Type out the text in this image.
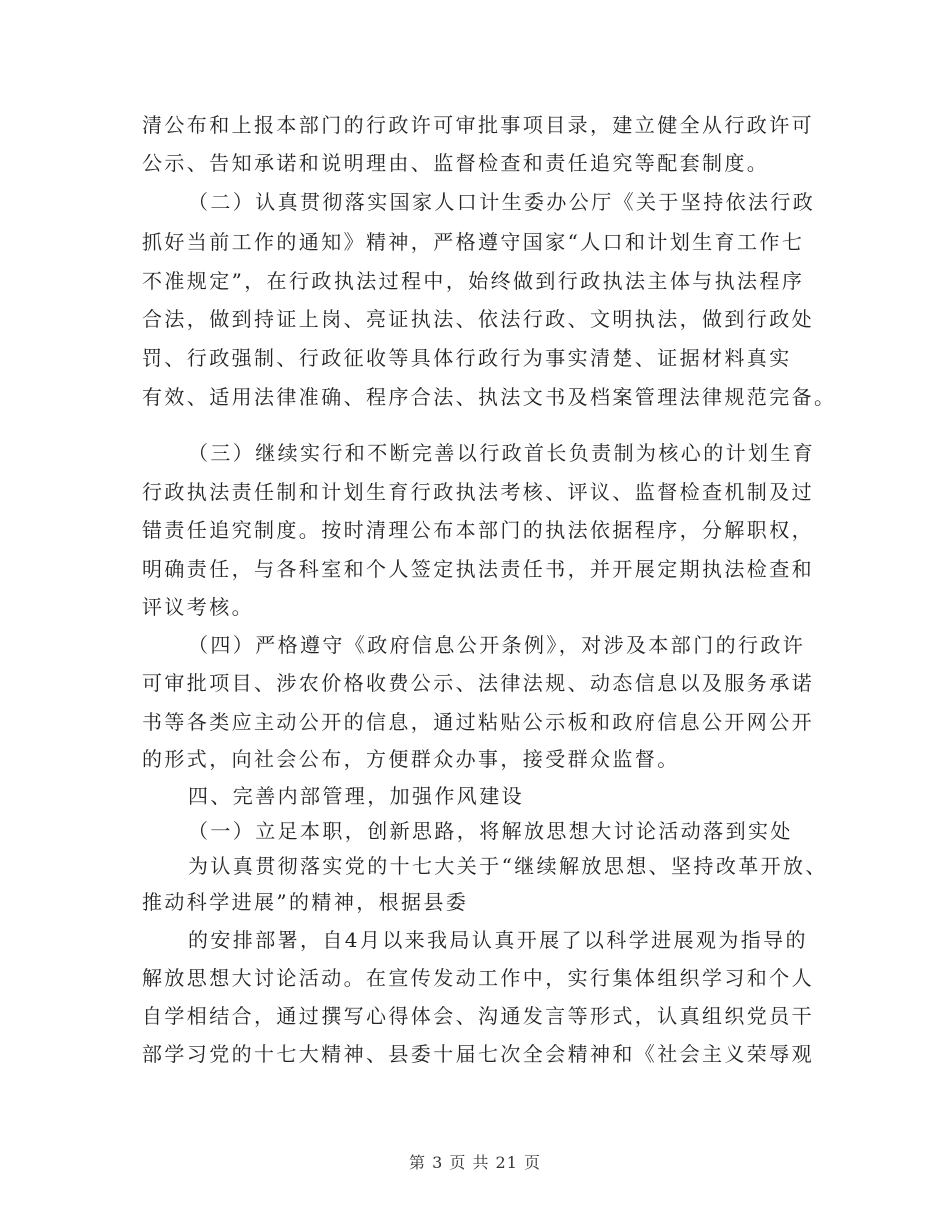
清公布和上报本部门的行政许可审批事项目录，建立健全从行政许可
公示、告知承诺和说明理由、监督检查和责任追究等配套制度。
（二）认真贯彻落实国家人口计生委办公厅《关于坚持依法行政
抓好当前工作的通知》精神，严格遵守国家“人口和计划生育工作七
不准规定”，在行政执法过程中，始终做到行政执法主体与执法程序
合法，做到持证上岗、亮证执法、依法行政、文明执法，做到行政处
罚、行政强制、行政征收等具体行政行为事实清楚、证据材料真实
有效、适用法律准确、程序合法、执法文书及档案管理法律规范完备。
（三）继续实行和不断完善以行政首长负责制为核心的计划生育
行政执法责任制和计划生育行政执法考核、评议、监督检查机制及过
错责任追究制度。按时清理公布本部门的执法依据程序，分解职权，
明确责任，与各科室和个人签定执法责任书，并开展定期执法检查和
评议考核。
（四）严格遵守《政府信息公开条例》，对涉及本部门的行政许
可审批项目、涉农价格收费公示、法律法规、动态信息以及服务承诺
书等各类应主动公开的信息，通过粘贴公示板和政府信息公开网公开
的形式，向社会公布，方便群众办事，接受群众监督。
四、完善内部管理，加强作风建设
（一）立足本职，创新思路，将解放思想大讨论活动落到实处
为认真贯彻落实党的十七大关于“继续解放思想、坚持改革开放、
推动科学进展”的精神，根据县委
的安排部署，自4月以来我局认真开展了以科学进展观为指导的
解放思想大讨论活动。在宣传发动工作中，实行集体组织学习和个人
自学相结合，通过撰写心得体会、沟通发言等形式，认真组织党员干
部学习党的十七大精神、县委十届七次全会精神和《社会主义荣辱观
第 3 页 共 21 页
